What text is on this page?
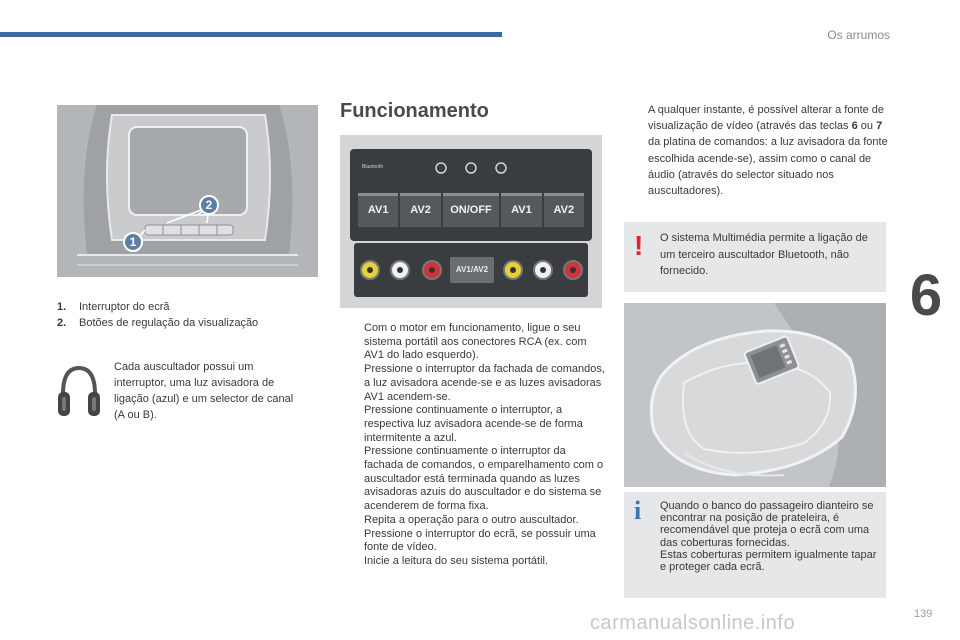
Os arrumos
6
2
1
1. Interruptor do ecrã
2. Botões de regulação da visualização
Cada auscultador possui um interruptor, uma luz avisadora de ligação (azul) e um selector de canal (A ou B).
Funcionamento
Bluetooth
AV1	AV2	ON/OFF	AV1	AV2
AV1/AV2
Com o motor em funcionamento, ligue o seu sistema portátil aos conectores RCA (ex. com AV1 do lado esquerdo).
Pressione o interruptor da fachada de comandos, a luz avisadora acende-se e as luzes avisadoras AV1 acendem-se.
Pressione continuamente o interruptor, a respectiva luz avisadora acende-se de forma intermitente a azul.
Pressione continuamente o interruptor da fachada de comandos, o emparelhamento com o auscultador está terminada quando as luzes avisadoras azuis do auscultador e do sistema se acenderem de forma fixa.
Repita a operação para o outro auscultador.
Pressione o interruptor do ecrã, se possuir uma fonte de vídeo.
Inicie a leitura do seu sistema portátil.
A qualquer instante, é possível alterar a fonte de visualização de vídeo (através das teclas 6 ou 7 da platina de comandos: a luz avisadora da fonte escolhida acende-se), assim como o canal de áudio (através do selector situado nos auscultadores).
! O sistema Multimédia permite a ligação de um terceiro auscultador Bluetooth, não fornecido.
i Quando o banco do passageiro dianteiro se encontrar na posição de prateleira, é recomendável que proteja o ecrã com uma das coberturas fornecidas.

Estas coberturas permitem igualmente tapar e proteger cada ecrã.

carmanualsonline.info	139
